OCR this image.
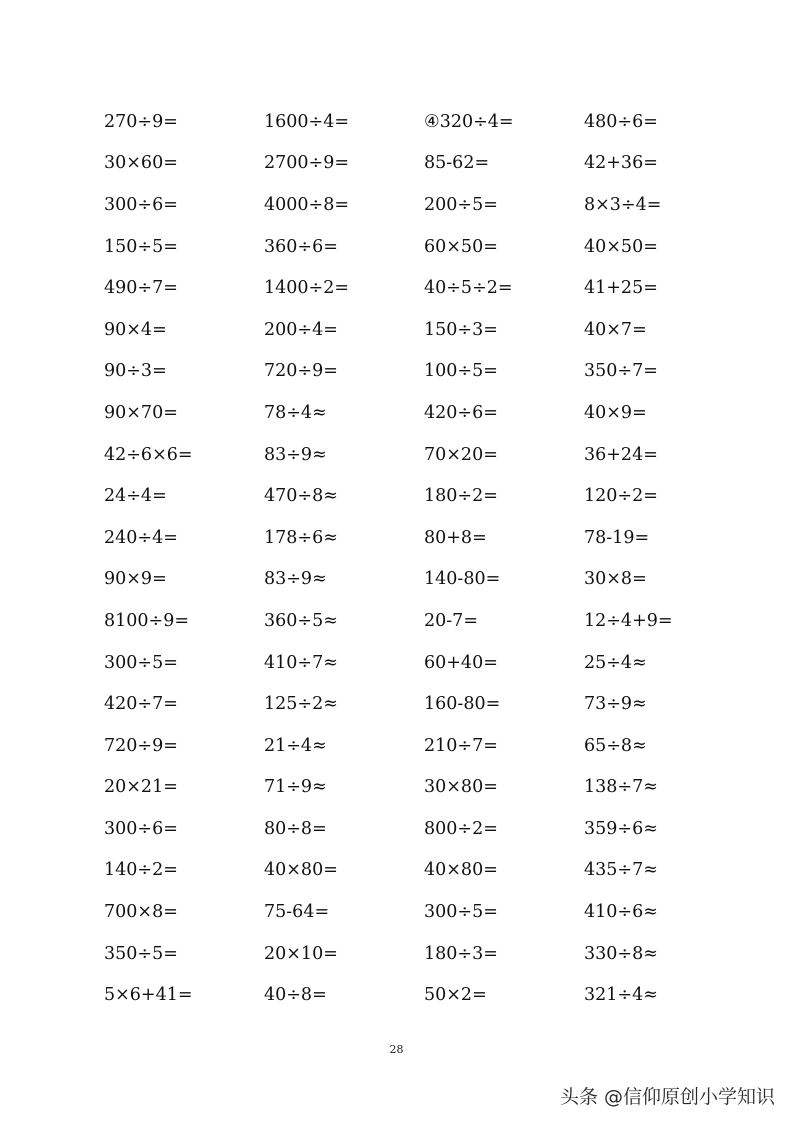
270÷9=	1600÷4=	④320÷4=	480÷6=
30×60=	2700÷9=	85-62=	42+36=
300÷6=	4000÷8=	200÷5=	8×3÷4=
150÷5=	360÷6=	60×50=	40×50=
490÷7=	1400÷2=	40÷5÷2=	41+25=
90×4=	200÷4=	150÷3=	40×7=
90÷3=	720÷9=	100÷5=	350÷7=
90×70=	78÷4≈	420÷6=	40×9=
42÷6×6=	83÷9≈	70×20=	36+24=
24÷4=	470÷8≈	180÷2=	120÷2=
240÷4=	178÷6≈	80+8=	78-19=
90×9=	83÷9≈	140-80=	30×8=
8100÷9=	360÷5≈	20-7=	12÷4+9=
300÷5=	410÷7≈	60+40=	25÷4≈
420÷7=	125÷2≈	160-80=	73÷9≈
720÷9=	21÷4≈	210÷7=	65÷8≈
20×21=	71÷9≈	30×80=	138÷7≈
300÷6=	80÷8=	800÷2=	359÷6≈
140÷2=	40×80=	40×80=	435÷7≈
700×8=	75-64=	300÷5=	410÷6≈
350÷5=	20×10=	180÷3=	330÷8≈
5×6+41=	40÷8=	50×2=	321÷4≈
28
头条 @信仰原创小学知识
